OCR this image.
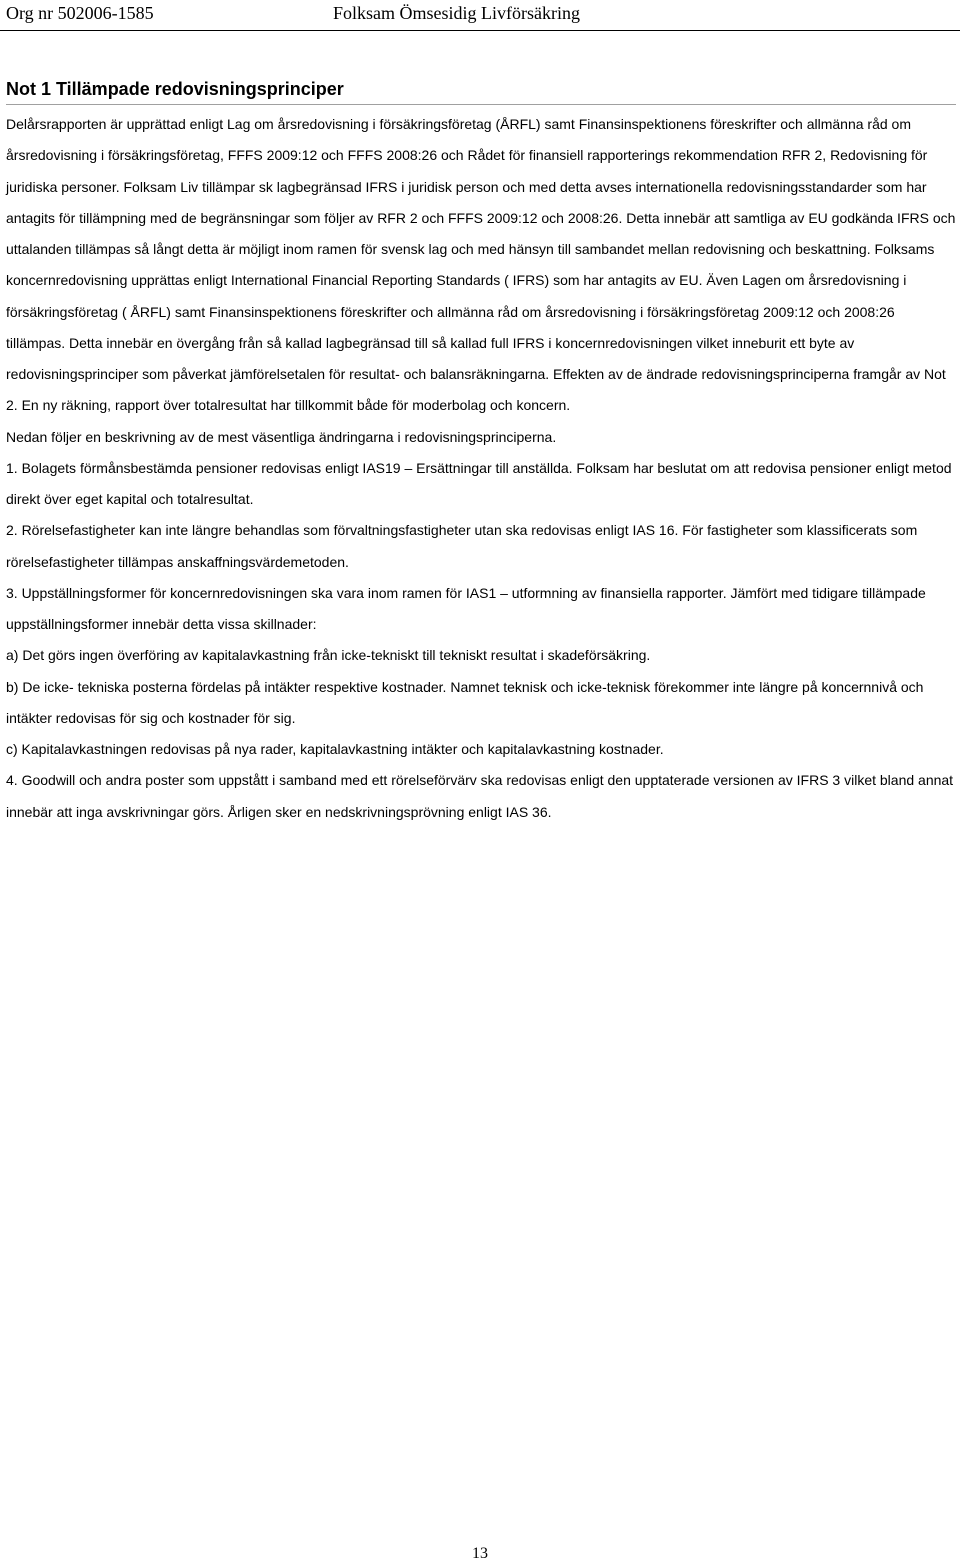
Org nr 502006-1585	Folksam Ömsesidig Livförsäkring
Not 1 Tillämpade redovisningsprinciper

Delårsrapporten är upprättad enligt Lag om årsredovisning i försäkringsföretag (ÅRFL) samt Finansinspektionens föreskrifter och allmänna råd om årsredovisning i försäkringsföretag, FFFS 2009:12 och FFFS 2008:26 och Rådet för finansiell rapporterings rekommendation RFR 2, Redovisning för juridiska personer. Folksam Liv tillämpar sk lagbegränsad IFRS i juridisk person och med detta avses internationella redovisningsstandarder som har antagits för tillämpning med de begränsningar som följer av RFR 2 och FFFS 2009:12 och 2008:26. Detta innebär att samtliga av EU godkända IFRS och uttalanden tillämpas så långt detta är möjligt inom ramen för svensk lag och med hänsyn till sambandet mellan redovisning och beskattning. Folksams koncernredovisning upprättas enligt International Financial Reporting Standards ( IFRS) som har antagits av EU. Även Lagen om årsredovisning i försäkringsföretag ( ÅRFL) samt Finansinspektionens föreskrifter och allmänna råd om årsredovisning i försäkringsföretag 2009:12 och 2008:26 tillämpas. Detta innebär en övergång från så kallad lagbegränsad till så kallad full IFRS i koncernredovisningen vilket inneburit ett byte av redovisningsprinciper som påverkat jämförelsetalen för resultat- och balansräkningarna. Effekten av de ändrade redovisningsprinciperna framgår av Not 2. En ny räkning, rapport över totalresultat har tillkommit både för moderbolag och koncern.

Nedan följer en beskrivning av de mest väsentliga ändringarna i redovisningsprinciperna.

1. Bolagets förmånsbestämda pensioner redovisas enligt IAS19 – Ersättningar till anställda. Folksam har beslutat om att redovisa pensioner enligt metod direkt över eget kapital och totalresultat.

2. Rörelsefastigheter kan inte längre behandlas som förvaltningsfastigheter utan ska redovisas enligt IAS 16. För fastigheter som klassificerats som rörelsefastigheter tillämpas anskaffningsvärdemetoden.

3. Uppställningsformer för koncernredovisningen ska vara inom ramen för IAS1 – utformning av finansiella rapporter. Jämfört med tidigare tillämpade uppställningsformer innebär detta vissa skillnader:

a) Det görs ingen överföring av kapitalavkastning från icke-tekniskt till tekniskt resultat i skadeförsäkring.

b) De icke- tekniska posterna fördelas på intäkter respektive kostnader. Namnet teknisk och icke-teknisk förekommer inte längre på koncernnivå och intäkter redovisas för sig och kostnader för sig.

c) Kapitalavkastningen redovisas på nya rader, kapitalavkastning intäkter och kapitalavkastning kostnader.

4. Goodwill och andra poster som uppstått i samband med ett rörelseförvärv ska redovisas enligt den upptaterade versionen av IFRS 3 vilket bland annat innebär att inga avskrivningar görs. Årligen sker en nedskrivningsprövning enligt IAS 36.

13
